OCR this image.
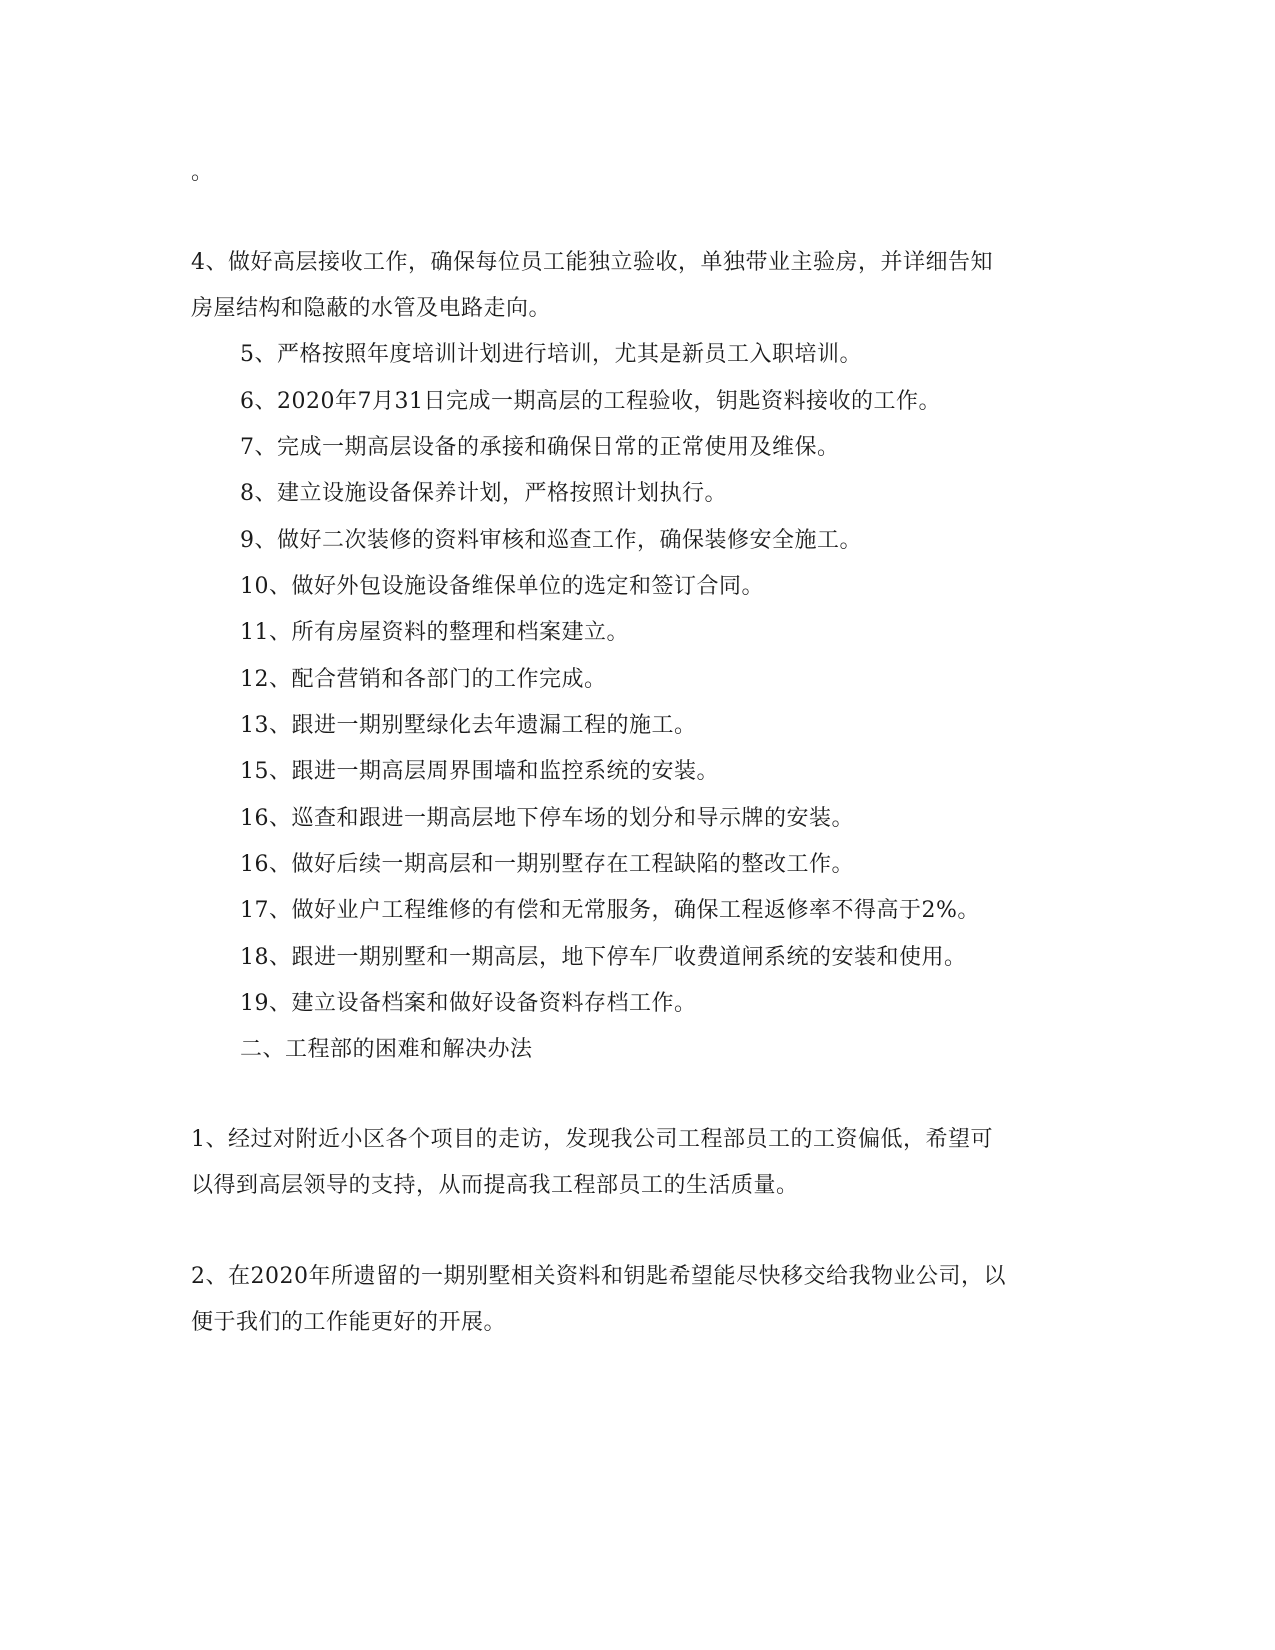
。
4、做好高层接收工作，确保每位员工能独立验收，单独带业主验房，并详细告知
房屋结构和隐蔽的水管及电路走向。
5、严格按照年度培训计划进行培训，尤其是新员工入职培训。
6、2020年7月31日完成一期高层的工程验收，钥匙资料接收的工作。
7、完成一期高层设备的承接和确保日常的正常使用及维保。
8、建立设施设备保养计划，严格按照计划执行。
9、做好二次装修的资料审核和巡查工作，确保装修安全施工。
10、做好外包设施设备维保单位的选定和签订合同。
11、所有房屋资料的整理和档案建立。
12、配合营销和各部门的工作完成。
13、跟进一期别墅绿化去年遗漏工程的施工。
15、跟进一期高层周界围墙和监控系统的安装。
16、巡查和跟进一期高层地下停车场的划分和导示牌的安装。
16、做好后续一期高层和一期别墅存在工程缺陷的整改工作。
17、做好业户工程维修的有偿和无常服务，确保工程返修率不得高于2%。
18、跟进一期别墅和一期高层，地下停车厂收费道闸系统的安装和使用。
19、建立设备档案和做好设备资料存档工作。
二、工程部的困难和解决办法
1、经过对附近小区各个项目的走访，发现我公司工程部员工的工资偏低，希望可
以得到高层领导的支持，从而提高我工程部员工的生活质量。
2、在2020年所遗留的一期别墅相关资料和钥匙希望能尽快移交给我物业公司，以
便于我们的工作能更好的开展。
